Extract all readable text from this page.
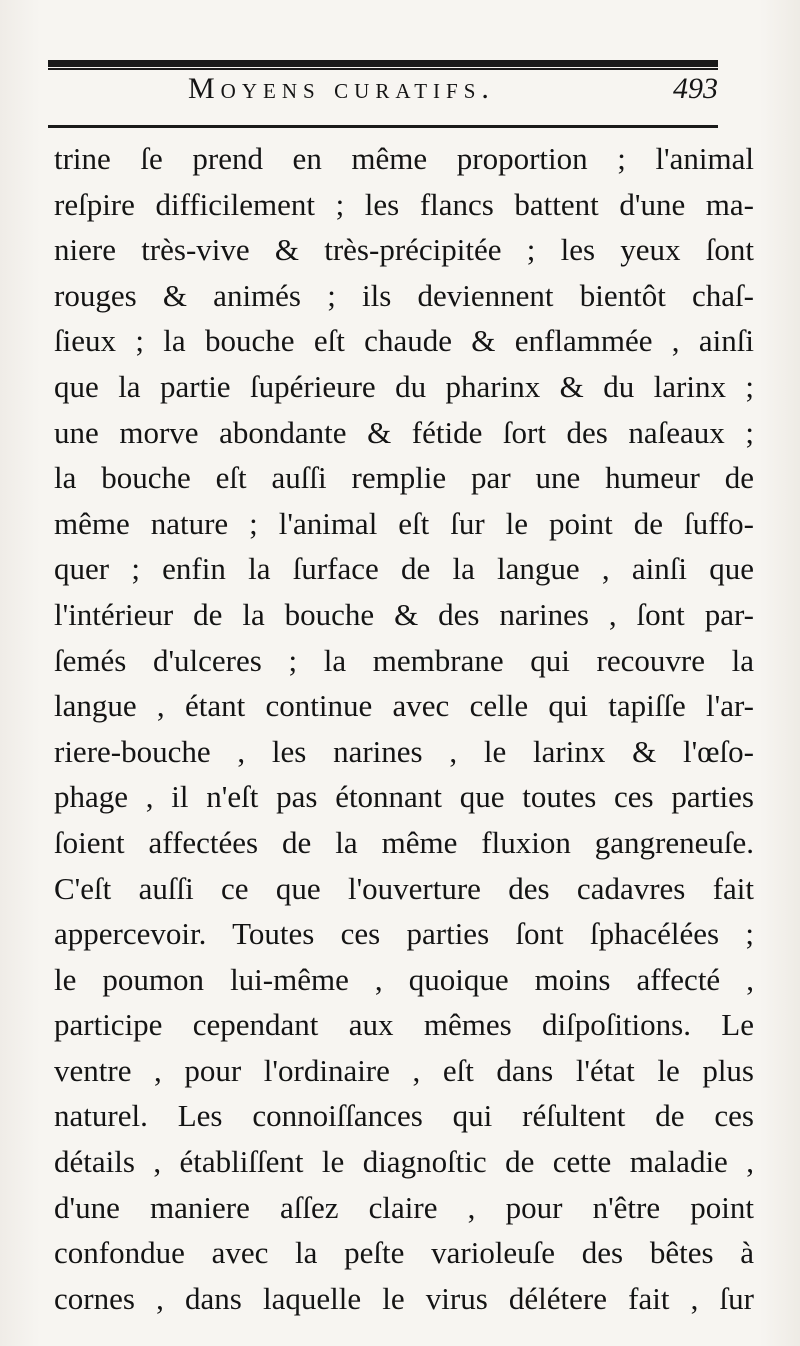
Moyens curatifs.	493
trine ſe prend en même proportion ; l'animal
reſpire difficilement ; les flancs battent d'une ma-
niere très-vive & très-précipitée ; les yeux ſont
rouges & animés ; ils deviennent bientôt chaſ-
ſieux ; la bouche eſt chaude & enflammée , ainſi
que la partie ſupérieure du pharinx & du larinx ;
une morve abondante & fétide ſort des naſeaux ;
la bouche eſt auſſi remplie par une humeur de
même nature ; l'animal eſt ſur le point de ſuffo-
quer ; enfin la ſurface de la langue , ainſi que
l'intérieur de la bouche & des narines , ſont par-
ſemés d'ulceres ; la membrane qui recouvre la
langue , étant continue avec celle qui tapiſſe l'ar-
riere-bouche , les narines , le larinx & l'œſo-
phage , il n'eſt pas étonnant que toutes ces parties
ſoient affectées de la même fluxion gangreneuſe.
C'eſt auſſi ce que l'ouverture des cadavres fait
appercevoir. Toutes ces parties ſont ſphacélées ;
le poumon lui-même , quoique moins affecté ,
participe cependant aux mêmes diſpoſitions. Le
ventre , pour l'ordinaire , eſt dans l'état le plus
naturel. Les connoiſſances qui réſultent de ces
détails , établiſſent le diagnoſtic de cette maladie ,
d'une maniere aſſez claire , pour n'être point
confondue avec la peſte varioleuſe des bêtes à
cornes , dans laquelle le virus délétere fait , ſur
